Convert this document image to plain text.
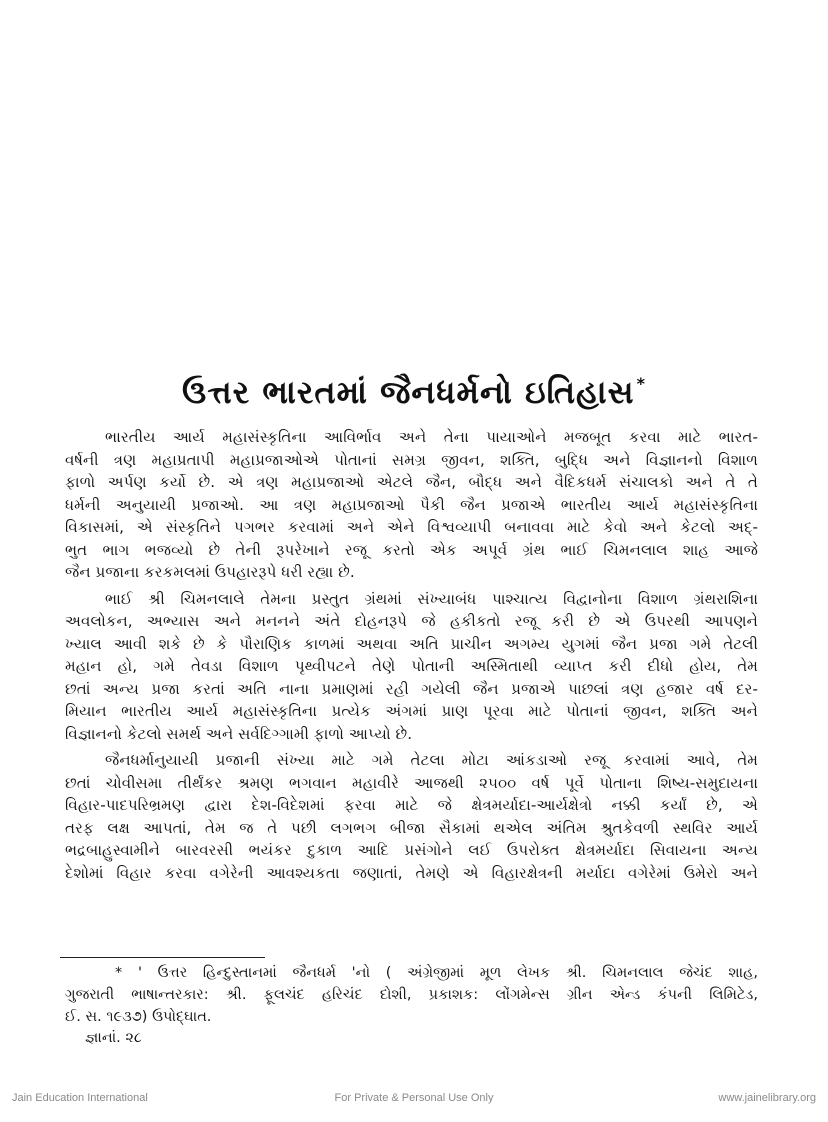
ઉત્તર ભારતમાં જૈનધર્મનો ઇતિહાસ *
ભારતીય આર્ય મહાસંસ્કૃતિના આવિર્ભાવ અને તેના પાયાઓને મજબૂત કરવા માટે ભારત-
વર્ષની ત્રણ મહાપ્રતાપી મહાપ્રજાઓએ પોતાનાં સમગ્ર જીવન, શક્તિ, બુદ્ધિ અને વિજ્ઞાનનો વિશાળ
ફાળો અર્પણ કર્યો છે. એ ત્રણ મહાપ્રજાઓ એટલે જૈન, બૌદ્ધ અને વૈદિકધર્મ સંચાલકો અને તે તે
ધર્મની અનુયાયી પ્રજાઓ. આ ત્રણ મહાપ્રજાઓ પૈકી જૈન પ્રજાએ ભારતીય આર્ય મહાસંસ્કૃતિના
વિકાસમાં, એ સંસ્કૃતિને પગભર કરવામાં અને એને વિશ્વવ્યાપી બનાવવા માટે કેવો અને કેટલો અદ્-
ભુત ભાગ ભજવ્યો છે તેની રૂપરેખાને રજૂ કરતો એક અપૂર્વ ગ્રંથ ભાઈ ચિમનલાલ શાહ આજે
જૈન પ્રજાના કરકમલમાં ઉપહારરૂપે ધરી રહ્યા છે.
ભાઈ શ્રી ચિમનલાલે તેમના પ્રસ્તુત ગ્રંથમાં સંખ્યાબંધ પાશ્ચાત્ય વિદ્વાનોના વિશાળ ગ્રંથરાશિના
અવલોકન, અભ્યાસ અને મનનને અંતે દોહનરૂપે જે હકીકતો રજૂ કરી છે એ ઉપરથી આપણને
ખ્યાલ આવી શકે છે કે પૌરાણિક કાળમાં અથવા અતિ પ્રાચીન અગમ્ય યુગમાં જૈન પ્રજા ગમે તેટલી
મહાન હો, ગમે તેવડા વિશાળ પૃથ્વીપટને તેણે પોતાની અસ્મિતાથી વ્યાપ્ત કરી દીધો હોય, તેમ
છતાં અન્ય પ્રજા કરતાં અતિ નાના પ્રમાણમાં રહી ગયેલી જૈન પ્રજાએ પાછલાં ત્રણ હજાર વર્ષ દર-
મિયાન ભારતીય આર્ય મહાસંસ્કૃતિના પ્રત્યેક અંગમાં પ્રાણ પૂરવા માટે પોતાનાં જીવન, શક્તિ અને
વિજ્ઞાનનો કેટલો સમર્થ અને સર્વદિગ્ગામી ફાળો આપ્યો છે.
જૈનધર્માનુયાયી પ્રજાની સંખ્યા માટે ગમે તેટલા મોટા આંકડાઓ રજૂ કરવામાં આવે, તેમ
છતાં ચોવીસમા તીર્થંકર શ્રમણ ભગવાન મહાવીરે આજથી ૨૫૦૦ વર્ષ પૂર્વે પોતાના શિષ્ય-સમુદાયના
વિહાર-પાદપરિભ્રમણ દ્વારા દેશ-વિદેશમાં ફરવા માટે જે ક્ષેત્રમર્યાદા-આર્યક્ષેત્રો નક્કી કર્યાં છે, એ
તરફ લક્ષ આપતાં, તેમ જ તે પછી લગભગ બીજા સૈકામાં થએલ અંતિમ શ્રુતકેવળી સ્થવિર આર્ય
ભદ્રબાહુસ્વામીને બારવરસી ભયંકર દુકાળ આદિ પ્રસંગોને લઈ ઉપરોક્ત ક્ષેત્રમર્યાદા સિવાયના અન્ય
દેશોમાં વિહાર કરવા વગેરેની આવશ્યકતા જણાતાં, તેમણે એ વિહારક્ષેત્રની મર્યાદા વગેરેમાં ઉમેરો અને
* ' ઉત્તર હિન્દુસ્તાનમાં જૈનધર્મ 'નો ( અંગ્રેજીમાં મૂળ લેખક શ્રી. ચિમનલાલ જેચંદ શાહ,
ગુજરાતી ભાષાન્તરકાર: શ્રી. ફૂલચંદ હરિચંદ દોશી, પ્રકાશક: લોંગમેન્સ ગ્રીન એન્ડ કંપની લિમિટેડ,
ઈ. સ. ૧૯૩૭) ઉપોદ્ઘાત.
જ્ઞાનાં. ૨૮
Jain Education International	For Private & Personal Use Only	www.jainelibrary.org
